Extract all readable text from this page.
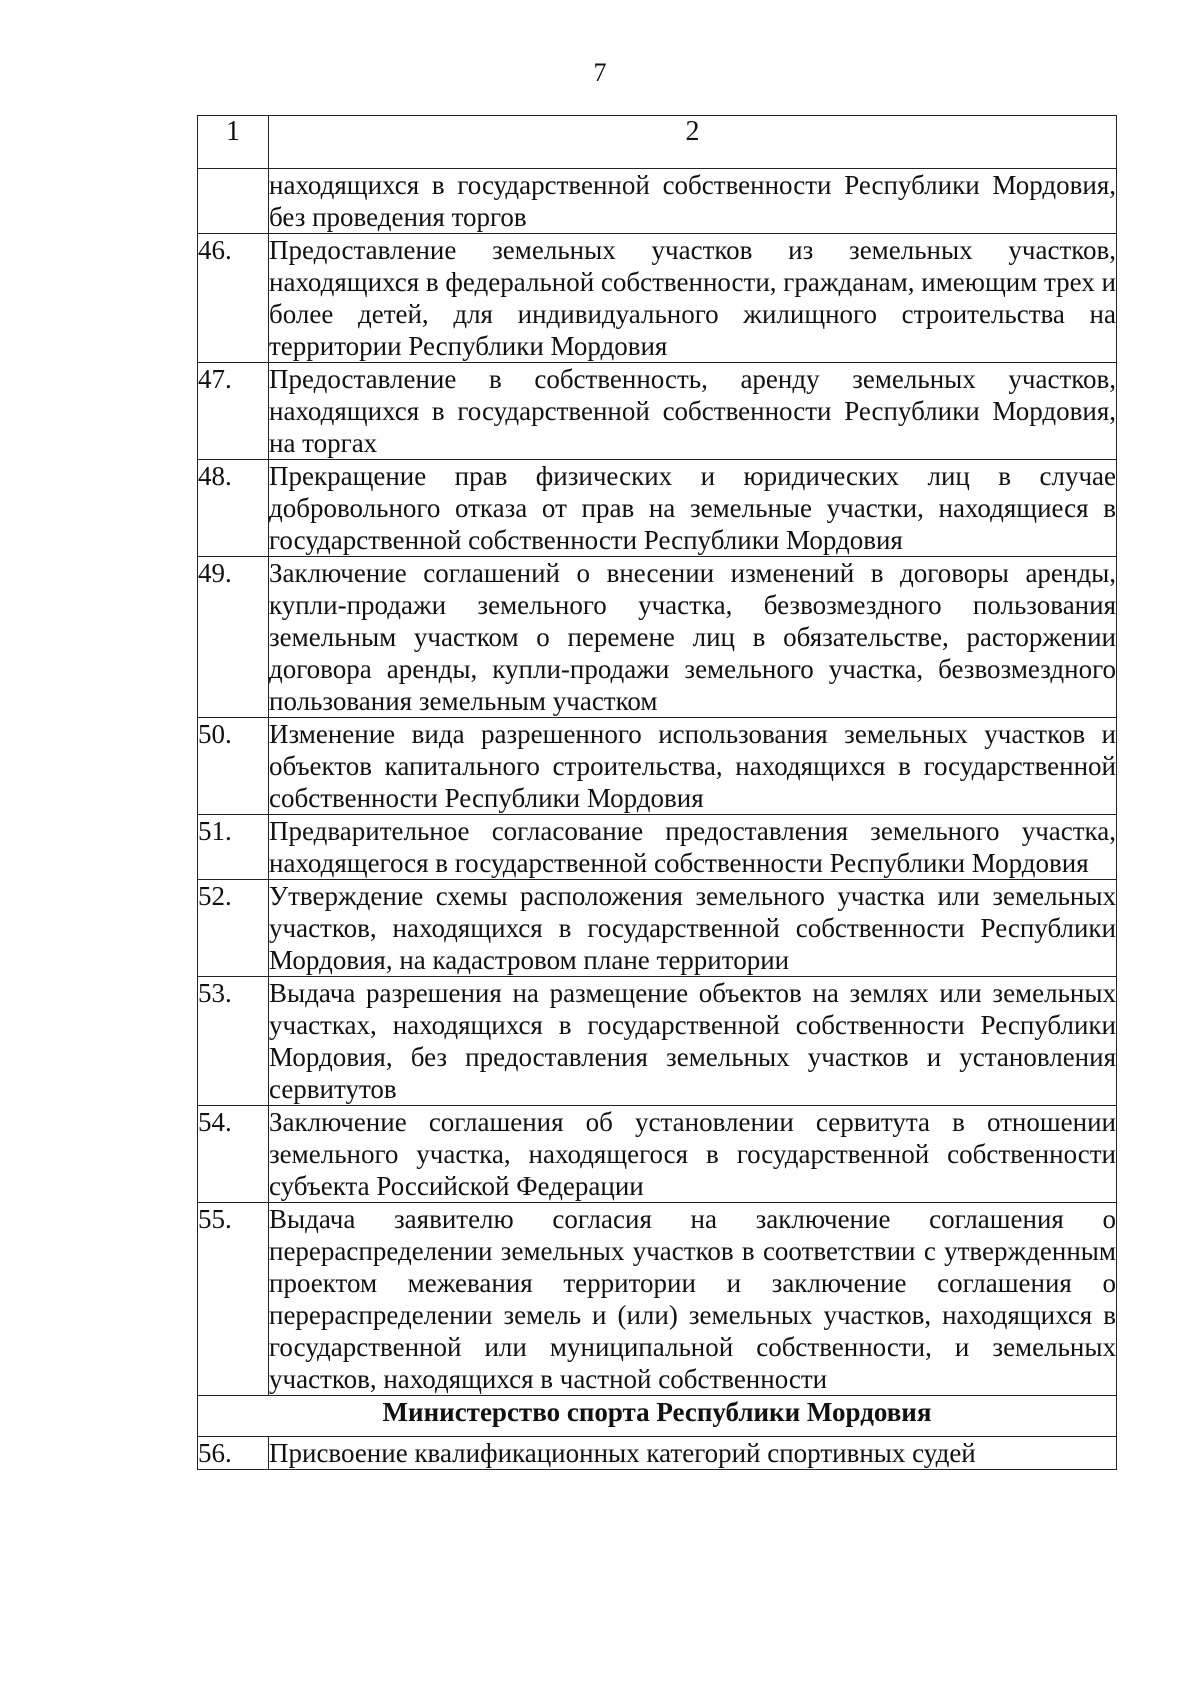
7
1	2
	находящихся в государственной собственности Республики Мордовия, без проведения торгов
46.	Предоставление земельных участков из земельных участков, находящихся в федеральной собственности, гражданам, имеющим трех и более детей, для индивидуального жилищного строительства на территории Республики Мордовия
47.	Предоставление в собственность, аренду земельных участков, находящихся в государственной собственности Республики Мордовия, на торгах
48.	Прекращение прав физических и юридических лиц в случае добровольного отказа от прав на земельные участки, находящиеся в государственной собственности Республики Мордовия
49.	Заключение соглашений о внесении изменений в договоры аренды, купли-продажи земельного участка, безвозмездного пользования земельным участком о перемене лиц в обязательстве, расторжении договора аренды, купли-продажи земельного участка, безвозмездного пользования земельным участком
50.	Изменение вида разрешенного использования земельных участков и объектов капитального строительства, находящихся в государственной собственности Республики Мордовия
51.	Предварительное согласование предоставления земельного участка, находящегося в государственной собственности Республики Мордовия
52.	Утверждение схемы расположения земельного участка или земельных участков, находящихся в государственной собственности Республики Мордовия, на кадастровом плане территории
53.	Выдача разрешения на размещение объектов на землях или земельных участках, находящихся в государственной собственности Республики Мордовия, без предоставления земельных участков и установления сервитутов
54.	Заключение соглашения об установлении сервитута в отношении земельного участка, находящегося в государственной собственности субъекта Российской Федерации
55.	Выдача заявителю согласия на заключение соглашения о перераспределении земельных участков в соответствии с утвержденным проектом межевания территории и заключение соглашения о перераспределении земель и (или) земельных участков, находящихся в государственной или муниципальной собственности, и земельных участков, находящихся в частной собственности
Министерство спорта Республики Мордовия	
56.	Присвоение квалификационных категорий спортивных судей
